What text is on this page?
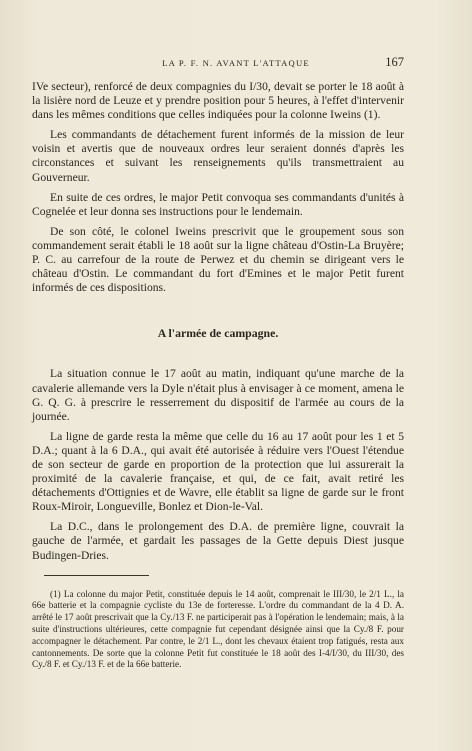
LA P. F. N. AVANT L'ATTAQUE	167

IVe secteur), renforcé de deux compagnies du I/30, devait se porter le 18 août à la lisière nord de Leuze et y prendre position pour 5 heures, à l'effet d'intervenir dans les mêmes conditions que celles indiquées pour la colonne Iweins (1).

Les commandants de détachement furent informés de la mission de leur voisin et avertis que de nouveaux ordres leur seraient donnés d'après les circonstances et suivant les renseignements qu'ils transmettraient au Gouverneur.

En suite de ces ordres, le major Petit convoqua ses commandants d'unités à Cognelée et leur donna ses instructions pour le lendemain.

De son côté, le colonel Iweins prescrivit que le groupement sous son commandement serait établi le 18 août sur la ligne château d'Ostin-La Bruyère; P. C. au carrefour de la route de Perwez et du chemin se dirigeant vers le château d'Ostin. Le commandant du fort d'Emines et le major Petit furent informés de ces dispositions.

A l'armée de campagne.

La situation connue le 17 août au matin, indiquant qu'une marche de la cavalerie allemande vers la Dyle n'était plus à envisager à ce moment, amena le G. Q. G. à prescrire le resserrement du dispositif de l'armée au cours de la journée.

La ligne de garde resta la même que celle du 16 au 17 août pour les 1 et 5 D.A.; quant à la 6 D.A., qui avait été autorisée à réduire vers l'Ouest l'étendue de son secteur de garde en proportion de la protection que lui assurerait la proximité de la cavalerie française, et qui, de ce fait, avait retiré les détachements d'Ottignies et de Wavre, elle établit sa ligne de garde sur le front Roux-Miroir, Longueville, Bonlez et Dion-le-Val.

La D.C., dans le prolongement des D.A. de première ligne, couvrait la gauche de l'armée, et gardait les passages de la Gette depuis Diest jusque Budingen-Dries.

(1) La colonne du major Petit, constituée depuis le 14 août, comprenait le III/30, le 2/1 L., la 66e batterie et la compagnie cycliste du 13e de forteresse. L'ordre du commandant de la 4 D. A. arrêté le 17 août prescrivait que la Cy./13 F. ne participerait pas à l'opération le lendemain; mais, à la suite d'instructions ultérieures, cette compagnie fut cependant désignée ainsi que la Cy./8 F. pour accompagner le détachement. Par contre, le 2/1 L., dont les chevaux étaient trop fatigués, resta aux cantonnements. De sorte que la colonne Petit fut constituée le 18 août des I-4/I/30, du III/30, des Cy./8 F. et Cy./13 F. et de la 66e batterie.
